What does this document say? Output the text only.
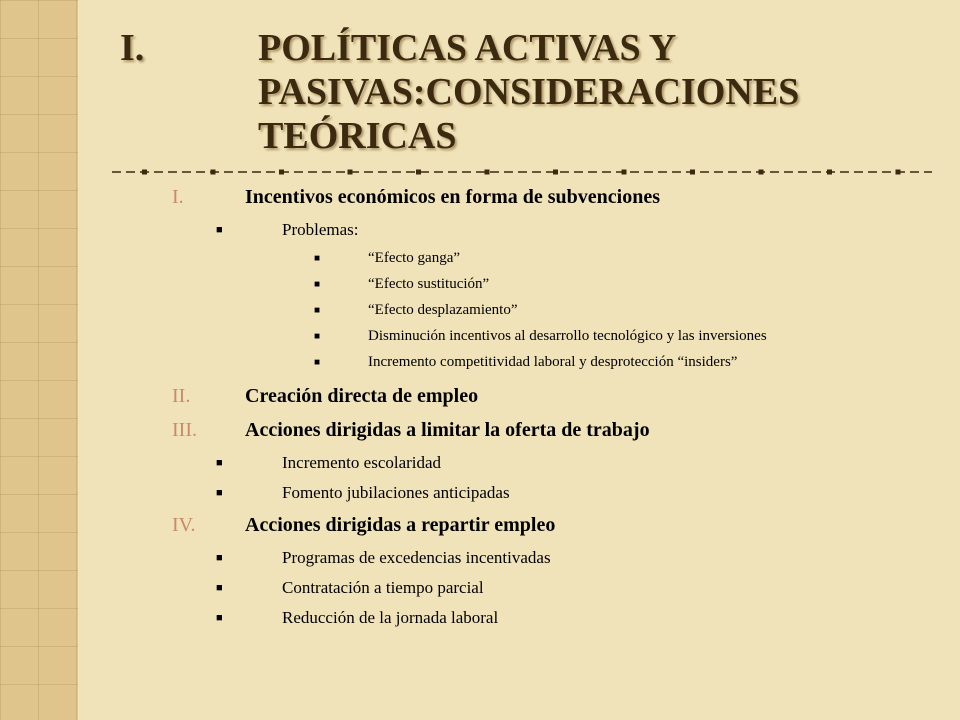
I.	POLÍTICAS ACTIVAS Y
PASIVAS:CONSIDERACIONES
TEÓRICAS
I.	Incentivos económicos en forma de subvenciones
■	Problemas:
■	“Efecto ganga”
■	“Efecto sustitución”
■	“Efecto desplazamiento”
■	Disminución incentivos al desarrollo tecnológico y las inversiones
■	Incremento competitividad laboral y desprotección “insiders”
II.	Creación directa de empleo
III.	Acciones dirigidas a limitar la oferta de trabajo
■	Incremento escolaridad
■	Fomento jubilaciones anticipadas
IV.	Acciones dirigidas a repartir empleo
■	Programas de excedencias incentivadas
■	Contratación a tiempo parcial
■	Reducción de la jornada laboral
